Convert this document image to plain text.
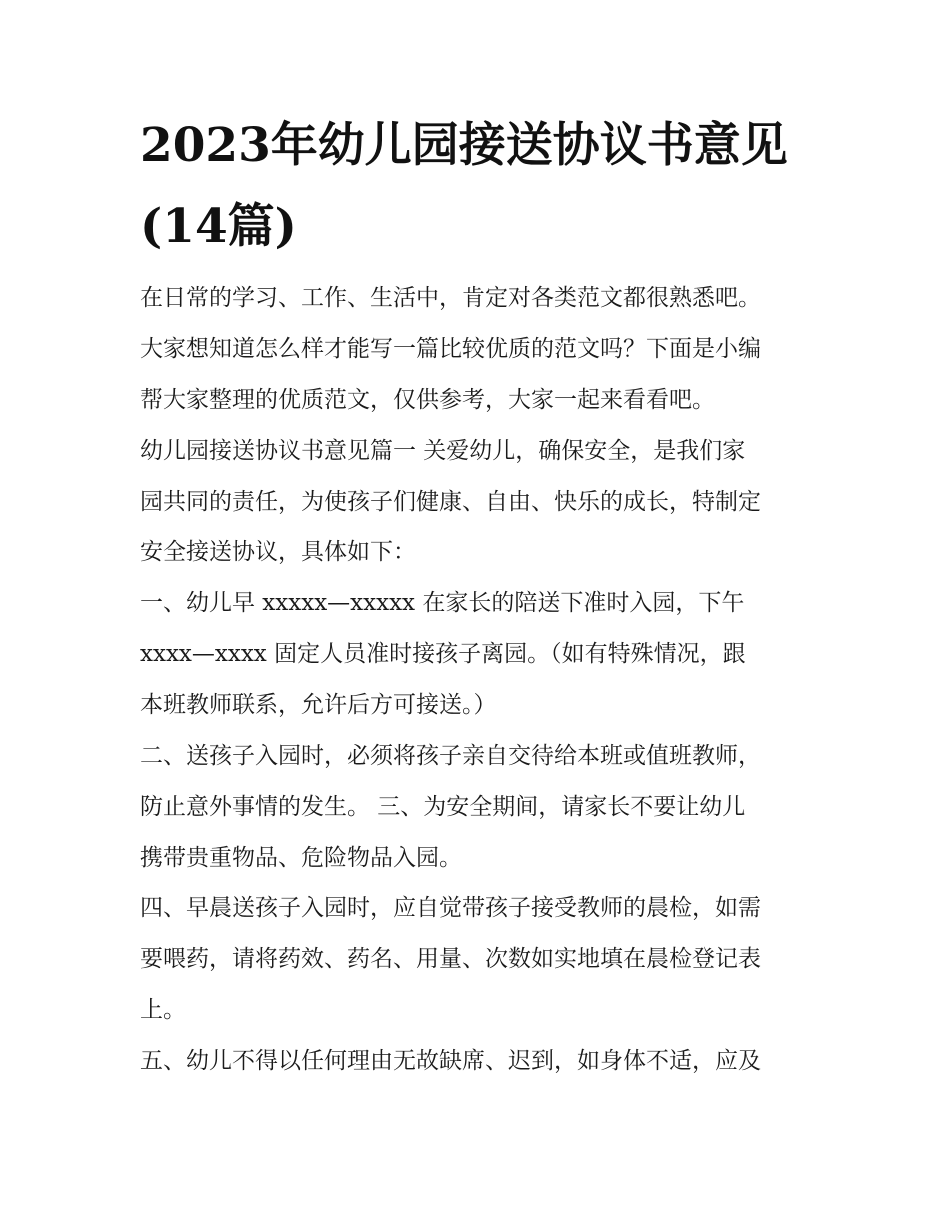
2023年幼儿园接送协议书意见
(14篇)

在日常的学习、工作、生活中，肯定对各类范文都很熟悉吧。

大家想知道怎么样才能写一篇比较优质的范文吗？下面是小编

帮大家整理的优质范文，仅供参考，大家一起来看看吧。

幼儿园接送协议书意见篇一 关爱幼儿，确保安全，是我们家

园共同的责任，为使孩子们健康、自由、快乐的成长，特制定

安全接送协议，具体如下：

一、幼儿早 xxxxx—xxxxx 在家长的陪送下准时入园，下午

xxxx—xxxx 固定人员准时接孩子离园。（如有特殊情况，跟

本班教师联系，允许后方可接送。）

二、送孩子入园时，必须将孩子亲自交待给本班或值班教师，

防止意外事情的发生。 三、为安全期间，请家长不要让幼儿

携带贵重物品、危险物品入园。

四、早晨送孩子入园时，应自觉带孩子接受教师的晨检，如需

要喂药，请将药效、药名、用量、次数如实地填在晨检登记表

上。

五、幼儿不得以任何理由无故缺席、迟到，如身体不适，应及
